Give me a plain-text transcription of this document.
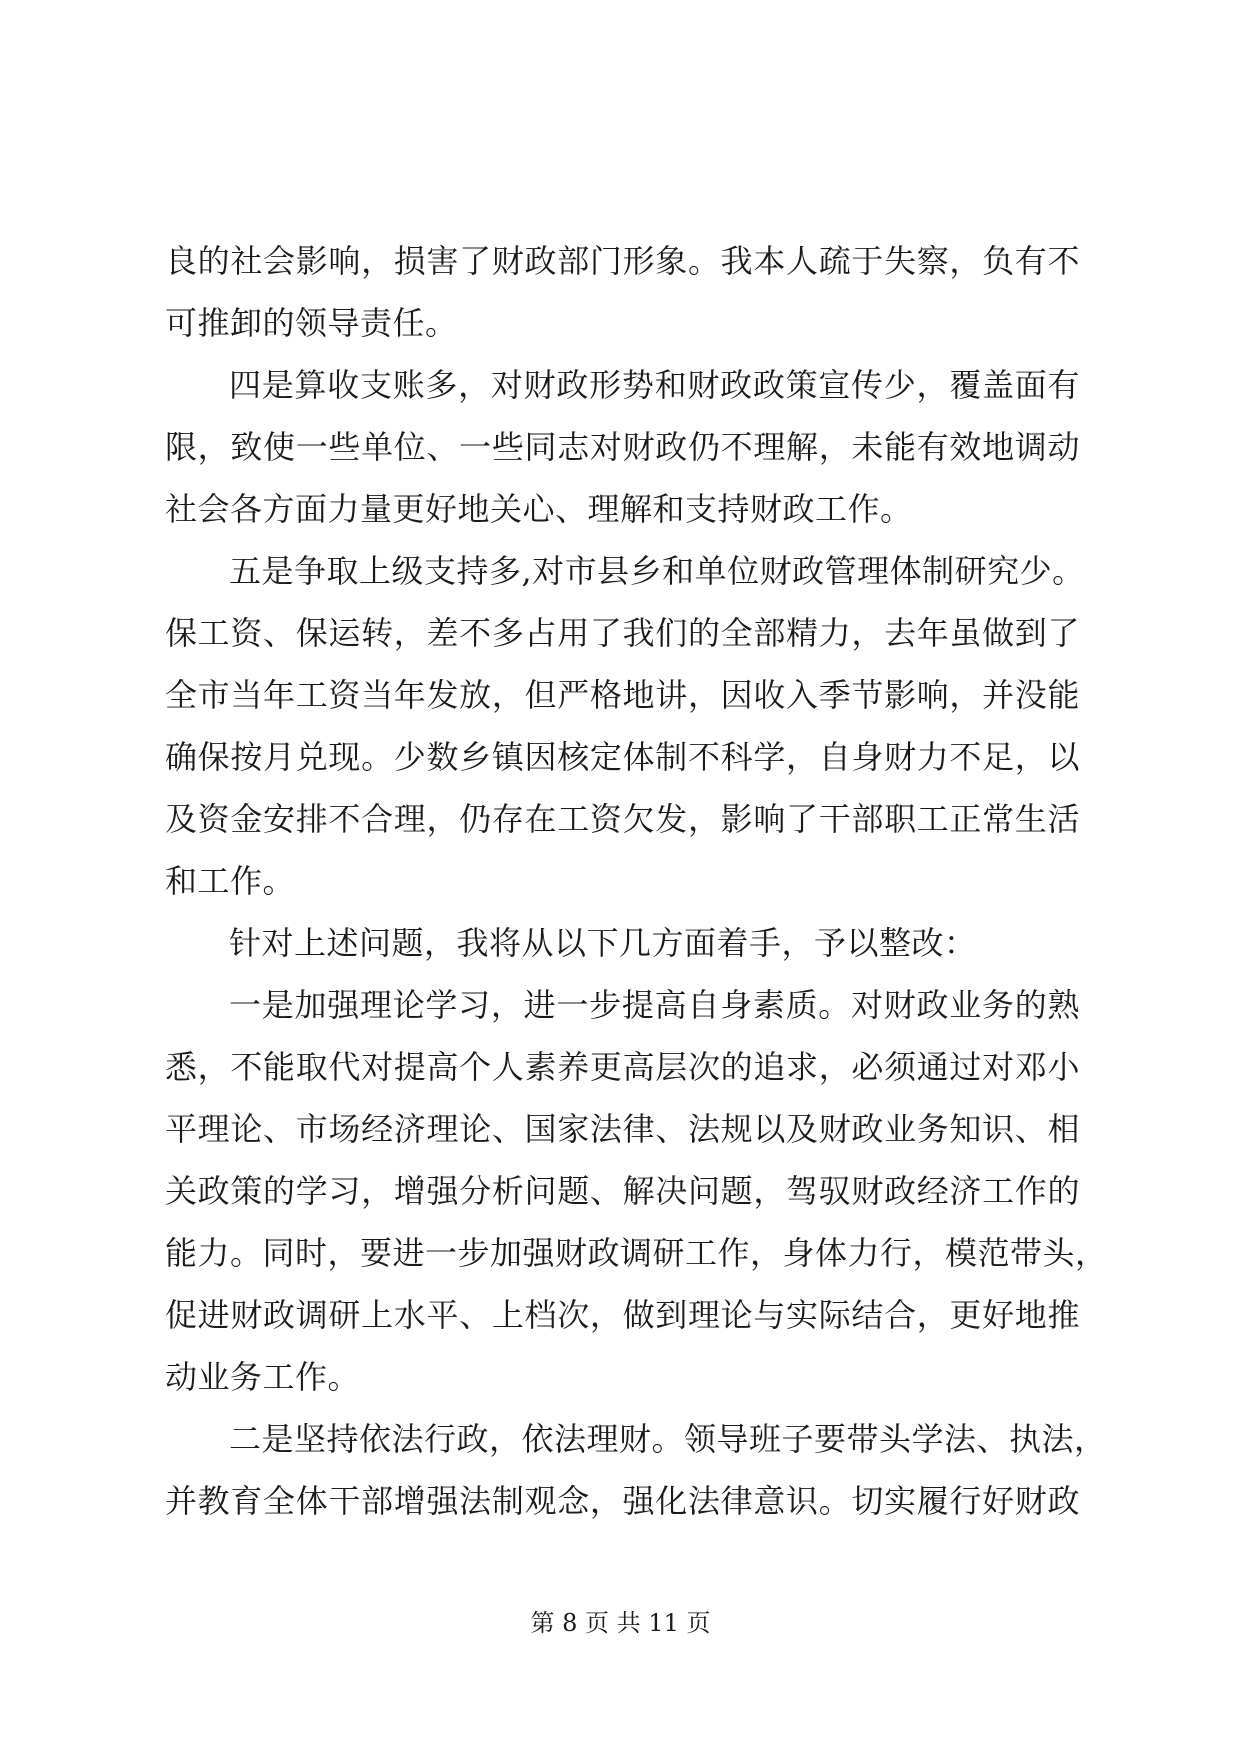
良的社会影响，损害了财政部门形象。我本人疏于失察，负有不
可推卸的领导责任。
四是算收支账多，对财政形势和财政政策宣传少，覆盖面有
限，致使一些单位、一些同志对财政仍不理解，未能有效地调动
社会各方面力量更好地关心、理解和支持财政工作。
五是争取上级支持多,对市县乡和单位财政管理体制研究少。
保工资、保运转，差不多占用了我们的全部精力，去年虽做到了
全市当年工资当年发放，但严格地讲，因收入季节影响，并没能
确保按月兑现。少数乡镇因核定体制不科学，自身财力不足，以
及资金安排不合理，仍存在工资欠发，影响了干部职工正常生活
和工作。
针对上述问题，我将从以下几方面着手，予以整改：
一是加强理论学习，进一步提高自身素质。对财政业务的熟
悉，不能取代对提高个人素养更高层次的追求，必须通过对邓小
平理论、市场经济理论、国家法律、法规以及财政业务知识、相
关政策的学习，增强分析问题、解决问题，驾驭财政经济工作的
能力。同时，要进一步加强财政调研工作，身体力行，模范带头，
促进财政调研上水平、上档次，做到理论与实际结合，更好地推
动业务工作。
二是坚持依法行政，依法理财。领导班子要带头学法、执法，
并教育全体干部增强法制观念，强化法律意识。切实履行好财政
第 8 页 共 11 页
